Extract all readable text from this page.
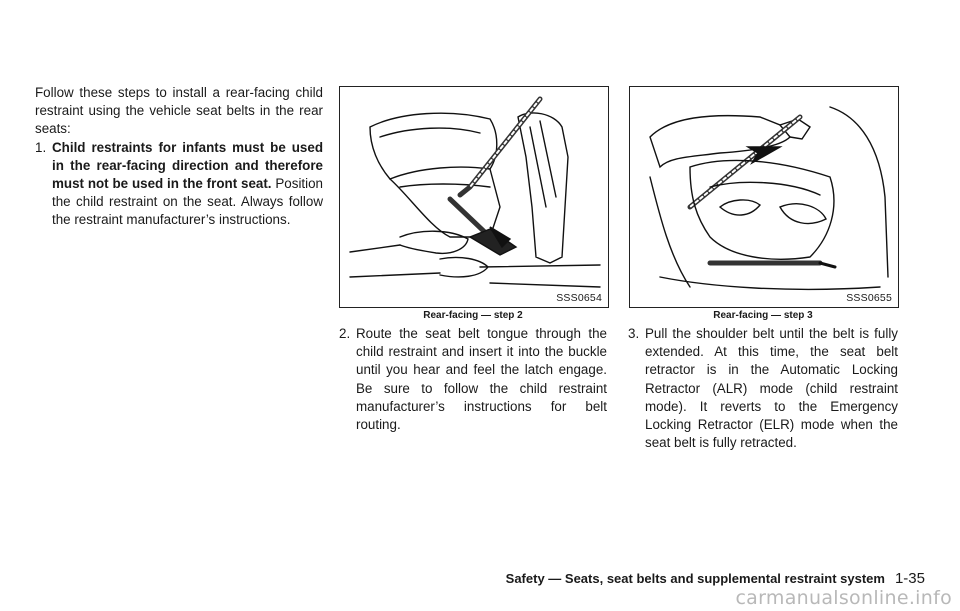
Follow these steps to install a rear-facing child restraint using the vehicle seat belts in the rear seats:
1. Child restraints for infants must be used in the rear-facing direction and therefore must not be used in the front seat. Position the child restraint on the seat. Always follow the restraint manufacturer’s instructions.
SSS0654
Rear-facing — step 2
SSS0655
Rear-facing — step 3
2. Route the seat belt tongue through the child restraint and insert it into the buckle until you hear and feel the latch engage. Be sure to follow the child restraint manufacturer’s instructions for belt routing.
3. Pull the shoulder belt until the belt is fully extended. At this time, the seat belt retractor is in the Automatic Locking Retractor (ALR) mode (child restraint mode). It reverts to the Emergency Locking Retractor (ELR) mode when the seat belt is fully retracted.
Safety — Seats, seat belts and supplemental restraint system 1-35
carmanualsonline.info
